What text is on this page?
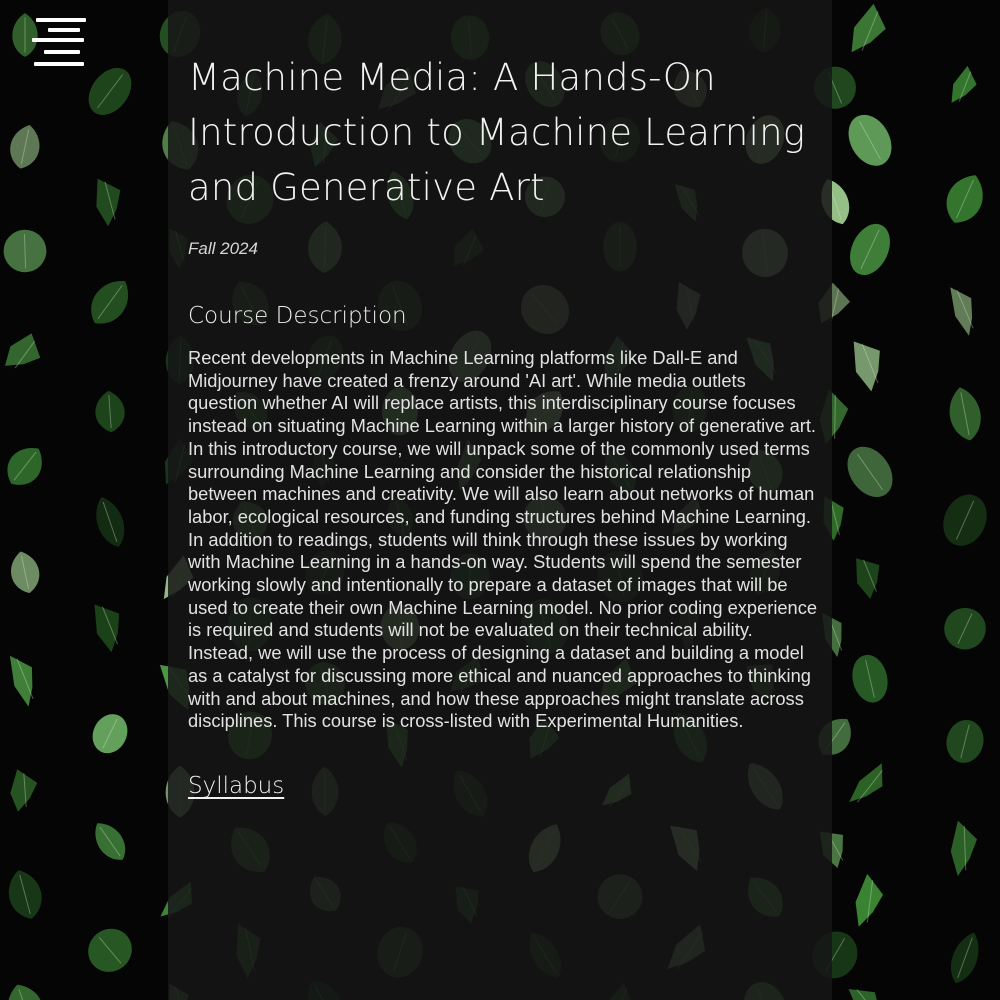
Machine Media: A Hands-On Introduction to Machine Learning and Generative Art
Fall 2024
Course Description

Recent developments in Machine Learning platforms like Dall-E and Midjourney have created a frenzy around 'AI art'. While media outlets question whether AI will replace artists, this interdisciplinary course focuses instead on situating Machine Learning within a larger history of generative art. In this introductory course, we will unpack some of the commonly used terms surrounding Machine Learning and consider the historical relationship between machines and creativity. We will also learn about networks of human labor, ecological resources, and funding structures behind Machine Learning. In addition to readings, students will think through these issues by working with Machine Learning in a hands-on way. Students will spend the semester working slowly and intentionally to prepare a dataset of images that will be used to create their own Machine Learning model. No prior coding experience is required and students will not be evaluated on their technical ability. Instead, we will use the process of designing a dataset and building a model as a catalyst for discussing more ethical and nuanced approaches to thinking with and about machines, and how these approaches might translate across disciplines. This course is cross-listed with Experimental Humanities.

Syllabus
